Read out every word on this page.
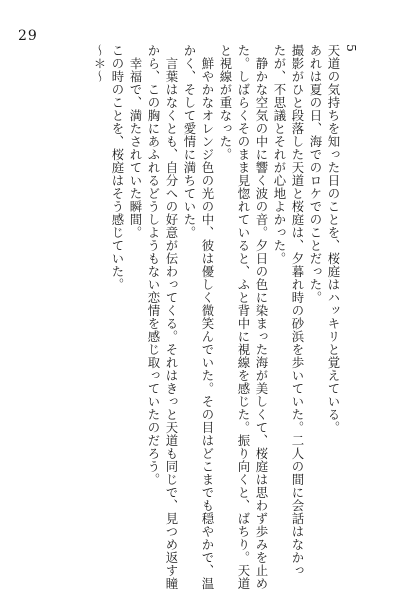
29
5
天道の気持ちを知った日のことを、桜庭はハッキリと覚えている。
あれは夏の日、海でのロケでのことだった。
撮影がひと段落した天道と桜庭は、夕暮れ時の砂浜を歩いていた。二人の間に会話はなかっ
たが、不思議とそれが心地よかった。
静かな空気の中に響く波の音。夕日の色に染まった海が美しくて、桜庭は思わず歩みを止め
た。しばらくそのまま見惚れていると、ふと背中に視線を感じた。振り向くと、ばちり。天道
と視線が重なった。
鮮やかなオレンジ色の光の中、彼は優しく微笑んでいた。その目はどこまでも穏やかで、温
かく、そして愛情に満ちていた。
言葉はなくとも、自分への好意が伝わってくる。それはきっと天道も同じで、見つめ返す瞳
から、この胸にあふれるどうしようもない恋情を感じ取っていたのだろう。
幸福で、満たされていた瞬間。
この時のことを、桜庭はそう感じていた。
〜＊〜
